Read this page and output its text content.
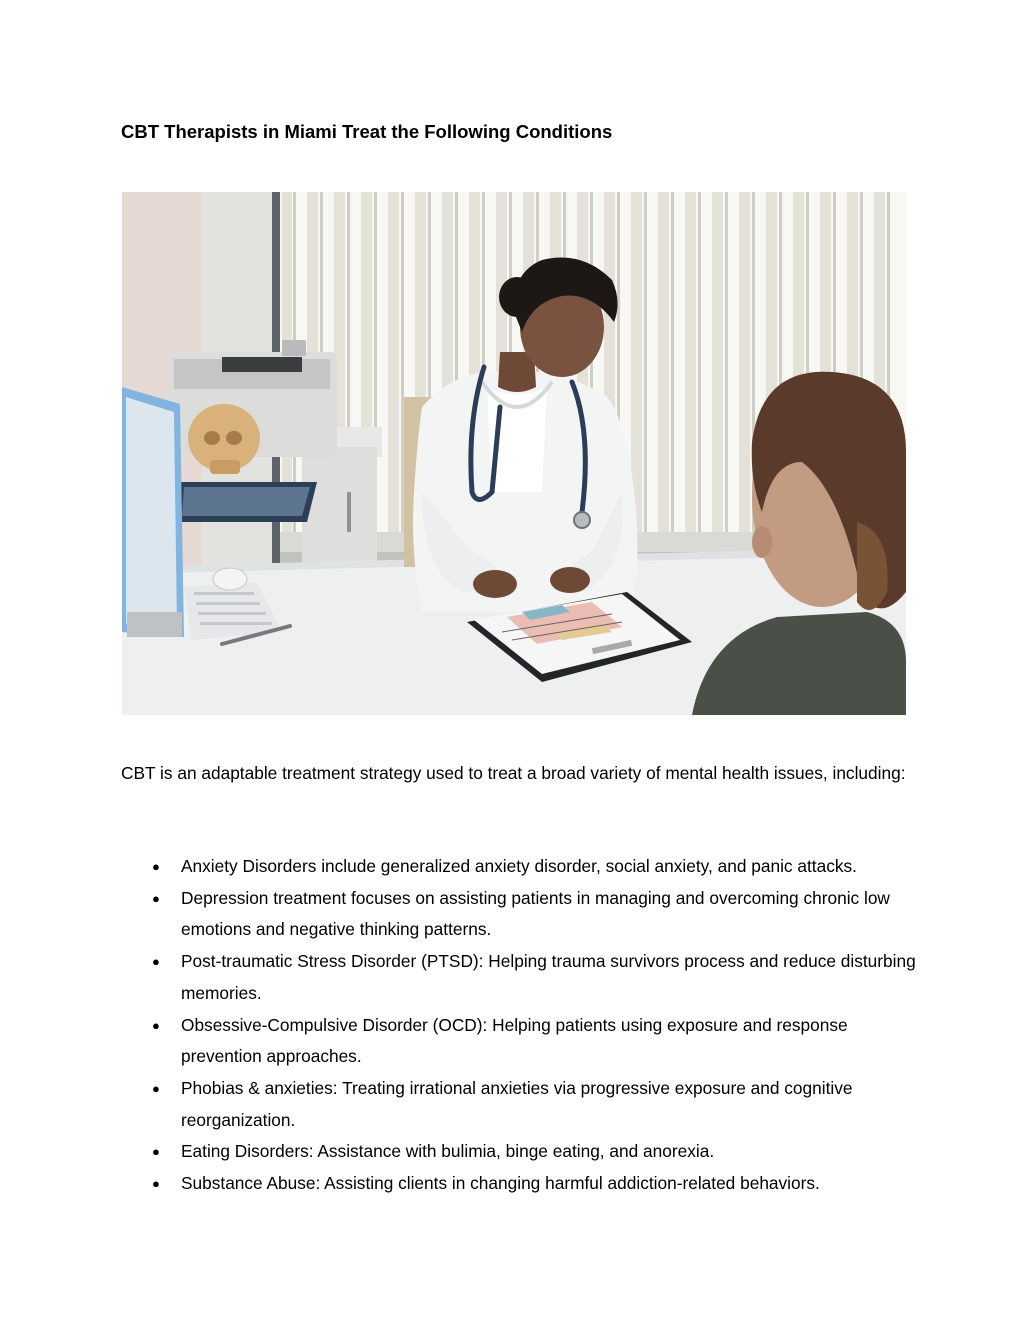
CBT Therapists in Miami Treat the Following Conditions

CBT is an adaptable treatment strategy used to treat a broad variety of mental health issues, including:

● Anxiety Disorders include generalized anxiety disorder, social anxiety, and panic attacks.
● Depression treatment focuses on assisting patients in managing and overcoming chronic low emotions and negative thinking patterns.
● Post-traumatic Stress Disorder (PTSD): Helping trauma survivors process and reduce disturbing memories.
● Obsessive-Compulsive Disorder (OCD): Helping patients using exposure and response prevention approaches.
● Phobias & anxieties: Treating irrational anxieties via progressive exposure and cognitive reorganization.
● Eating Disorders: Assistance with bulimia, binge eating, and anorexia.
● Substance Abuse: Assisting clients in changing harmful addiction-related behaviors.
